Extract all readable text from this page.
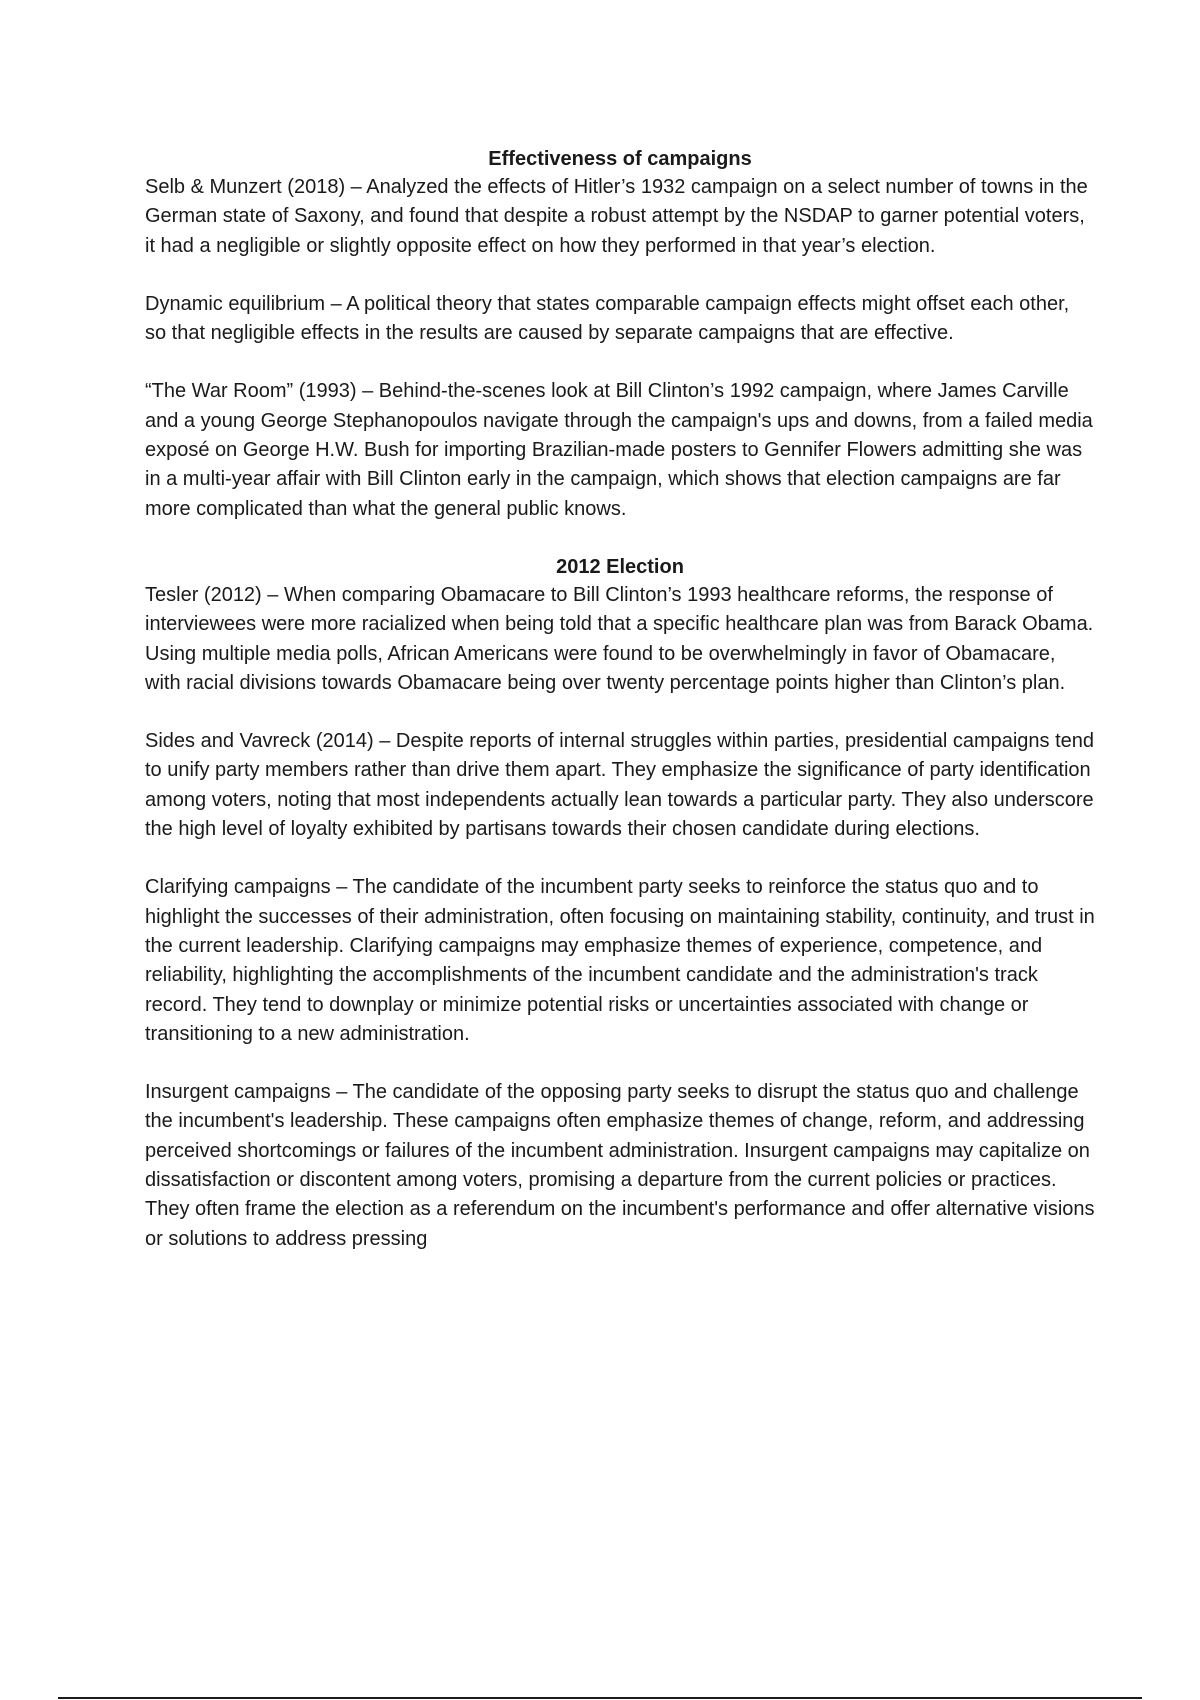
Effectiveness of campaigns

Selb & Munzert (2018) – Analyzed the effects of Hitler’s 1932 campaign on a select number of towns in the German state of Saxony, and found that despite a robust attempt by the NSDAP to garner potential voters, it had a negligible or slightly opposite effect on how they performed in that year’s election.

Dynamic equilibrium – A political theory that states comparable campaign effects might offset each other, so that negligible effects in the results are caused by separate campaigns that are effective.

“The War Room” (1993) – Behind-the-scenes look at Bill Clinton’s 1992 campaign, where James Carville and a young George Stephanopoulos navigate through the campaign's ups and downs, from a failed media exposé on George H.W. Bush for importing Brazilian-made posters to Gennifer Flowers admitting she was in a multi-year affair with Bill Clinton early in the campaign, which shows that election campaigns are far more complicated than what the general public knows.

2012 Election

Tesler (2012) – When comparing Obamacare to Bill Clinton’s 1993 healthcare reforms, the response of interviewees were more racialized when being told that a specific healthcare plan was from Barack Obama. Using multiple media polls, African Americans were found to be overwhelmingly in favor of Obamacare, with racial divisions towards Obamacare being over twenty percentage points higher than Clinton’s plan.

Sides and Vavreck (2014) – Despite reports of internal struggles within parties, presidential campaigns tend to unify party members rather than drive them apart. They emphasize the significance of party identification among voters, noting that most independents actually lean towards a particular party. They also underscore the high level of loyalty exhibited by partisans towards their chosen candidate during elections.

Clarifying campaigns – The candidate of the incumbent party seeks to reinforce the status quo and to highlight the successes of their administration, often focusing on maintaining stability, continuity, and trust in the current leadership. Clarifying campaigns may emphasize themes of experience, competence, and reliability, highlighting the accomplishments of the incumbent candidate and the administration's track record. They tend to downplay or minimize potential risks or uncertainties associated with change or transitioning to a new administration.

Insurgent campaigns – The candidate of the opposing party seeks to disrupt the status quo and challenge the incumbent's leadership. These campaigns often emphasize themes of change, reform, and addressing perceived shortcomings or failures of the incumbent administration. Insurgent campaigns may capitalize on dissatisfaction or discontent among voters, promising a departure from the current policies or practices. They often frame the election as a referendum on the incumbent's performance and offer alternative visions or solutions to address pressing
